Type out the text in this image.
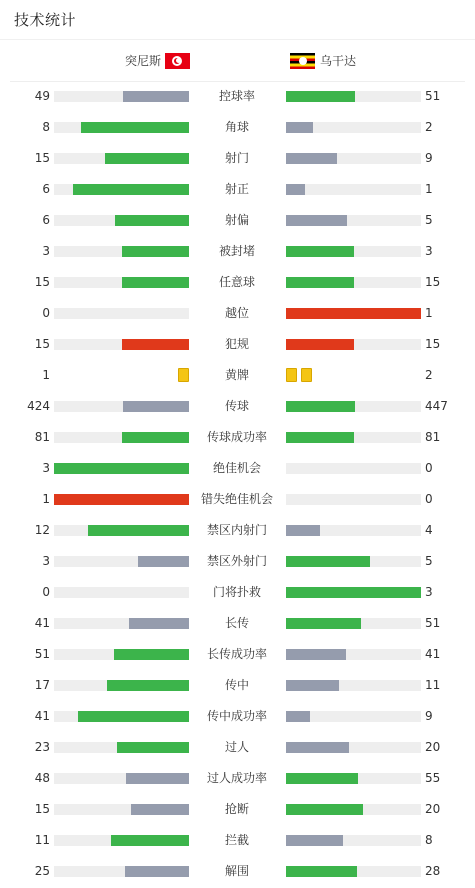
技术统计
突尼斯	乌干达
49	控球率	51
8	角球	2
15	射门	9
6	射正	1
6	射偏	5
3	被封堵	3
15	任意球	15
0	越位	1
15	犯规	15
1	黄牌	2
424	传球	447
81	传球成功率	81
3	绝佳机会	0
1	错失绝佳机会	0
12	禁区内射门	4
3	禁区外射门	5
0	门将扑救	3
41	长传	51
51	长传成功率	41
17	传中	11
41	传中成功率	9
23	过人	20
48	过人成功率	55
15	抢断	20
11	拦截	8
25	解围	28
